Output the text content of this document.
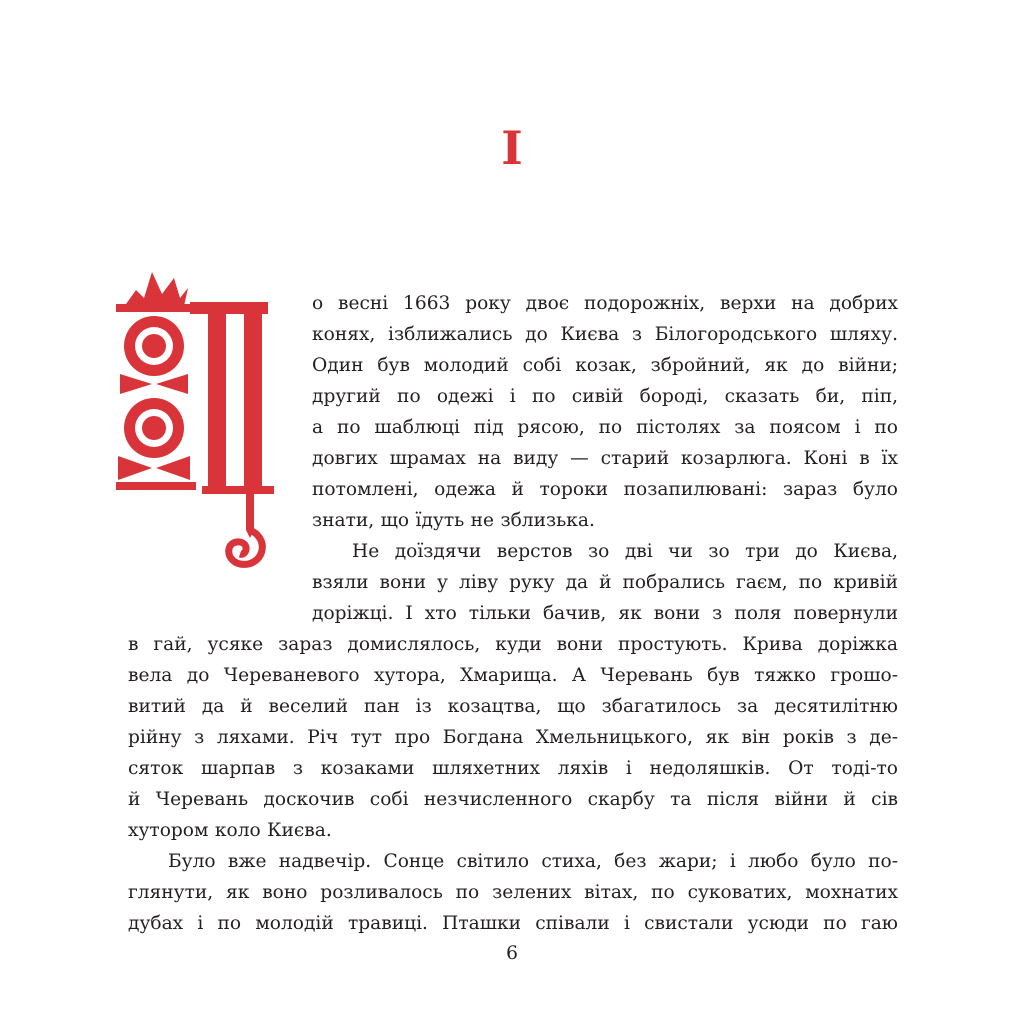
I
П
о весні 1663 року двоє подорожніх, верхи на добрих
конях, ізближались до Києва з Білогородського шляху.
Один був молодий собі козак, збройний, як до війни;
другий по одежі і по сивій бороді, сказать би, піп,
а по шаблюці під рясою, по пістолях за поясом і по
довгих шрамах на виду — старий козарлюга. Коні в їх
потомлені, одежа й тороки позапилювані: зараз було
знати, що їдуть не зблизька.
Не доїздячи верстов зо дві чи зо три до Києва,
взяли вони у ліву руку да й побрались гаєм, по кривій
доріжці. І хто тільки бачив, як вони з поля повернули
в гай, усяке зараз домислялось, куди вони простують. Крива доріжка
вела до Череваневого хутора, Хмарища. А Черевань був тяжко грошо-
витий да й веселий пан із козацтва, що збагатилось за десятилітню
рійну з ляхами. Річ тут про Богдана Хмельницького, як він років з де-
сяток шарпав з козаками шляхетних ляхів і недоляшків. От тоді-то
й Черевань доскочив собі незчисленного скарбу та після війни й сів
хутором коло Києва.
Було вже надвечір. Сонце світило стиха, без жари; і любо було по-
глянути, як воно розливалось по зелених вітах, по суковатих, мохнатих
дубах і по молодій травиці. Пташки співали і свистали усюди по гаю
6
